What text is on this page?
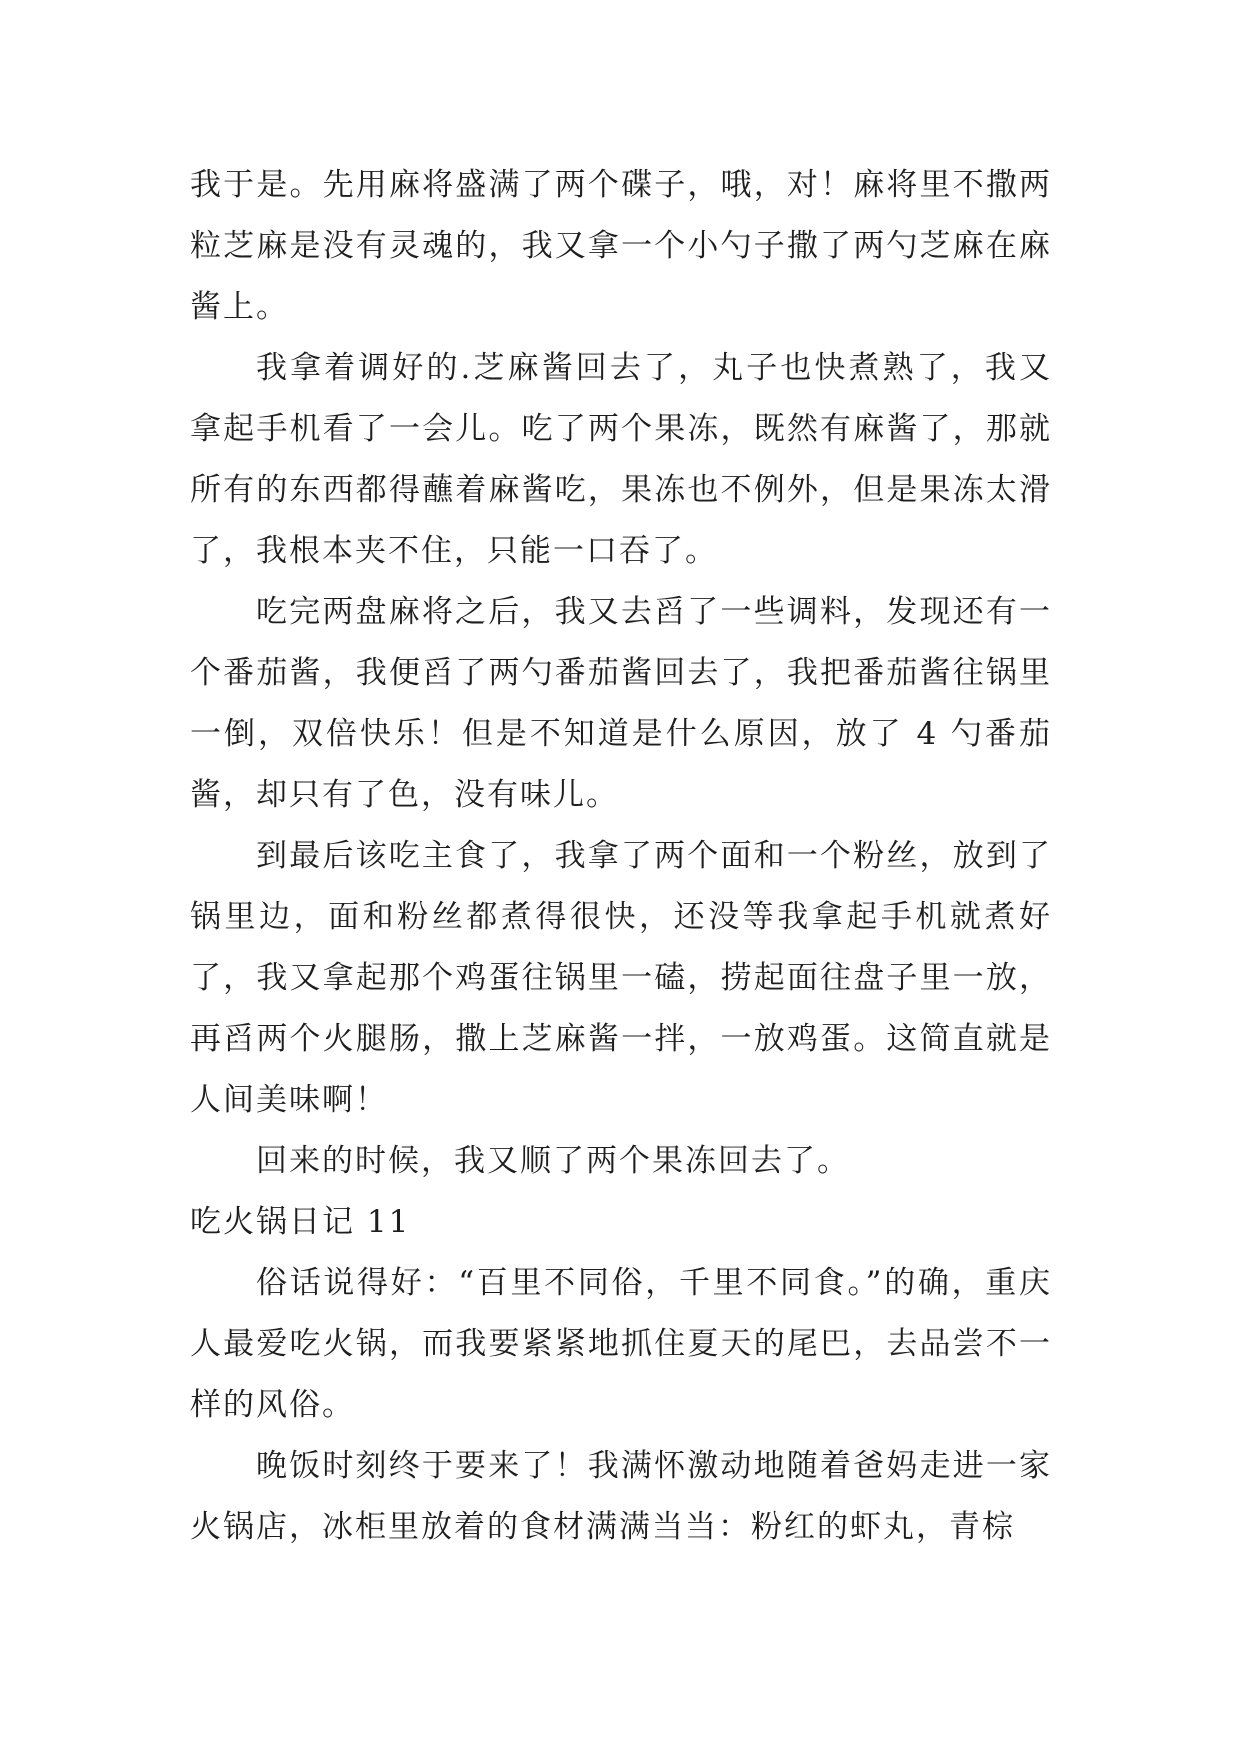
我于是。先用麻将盛满了两个碟子，哦，对！麻将里不撒两粒芝麻是没有灵魂的，我又拿一个小勺子撒了两勺芝麻在麻酱上。

我拿着调好的.芝麻酱回去了，丸子也快煮熟了，我又拿起手机看了一会儿。吃了两个果冻，既然有麻酱了，那就所有的东西都得蘸着麻酱吃，果冻也不例外，但是果冻太滑了，我根本夹不住，只能一口吞了。

吃完两盘麻将之后，我又去舀了一些调料，发现还有一个番茄酱，我便舀了两勺番茄酱回去了，我把番茄酱往锅里一倒，双倍快乐！但是不知道是什么原因，放了 4 勺番茄酱，却只有了色，没有味儿。

到最后该吃主食了，我拿了两个面和一个粉丝，放到了锅里边，面和粉丝都煮得很快，还没等我拿起手机就煮好了，我又拿起那个鸡蛋往锅里一磕，捞起面往盘子里一放，再舀两个火腿肠，撒上芝麻酱一拌，一放鸡蛋。这简直就是人间美味啊！

回来的时候，我又顺了两个果冻回去了。

吃火锅日记 11

俗话说得好：“百里不同俗，千里不同食。”的确，重庆人最爱吃火锅，而我要紧紧地抓住夏天的尾巴，去品尝不一样的风俗。

晚饭时刻终于要来了！我满怀激动地随着爸妈走进一家火锅店，冰柜里放着的食材满满当当：粉红的虾丸，青棕
